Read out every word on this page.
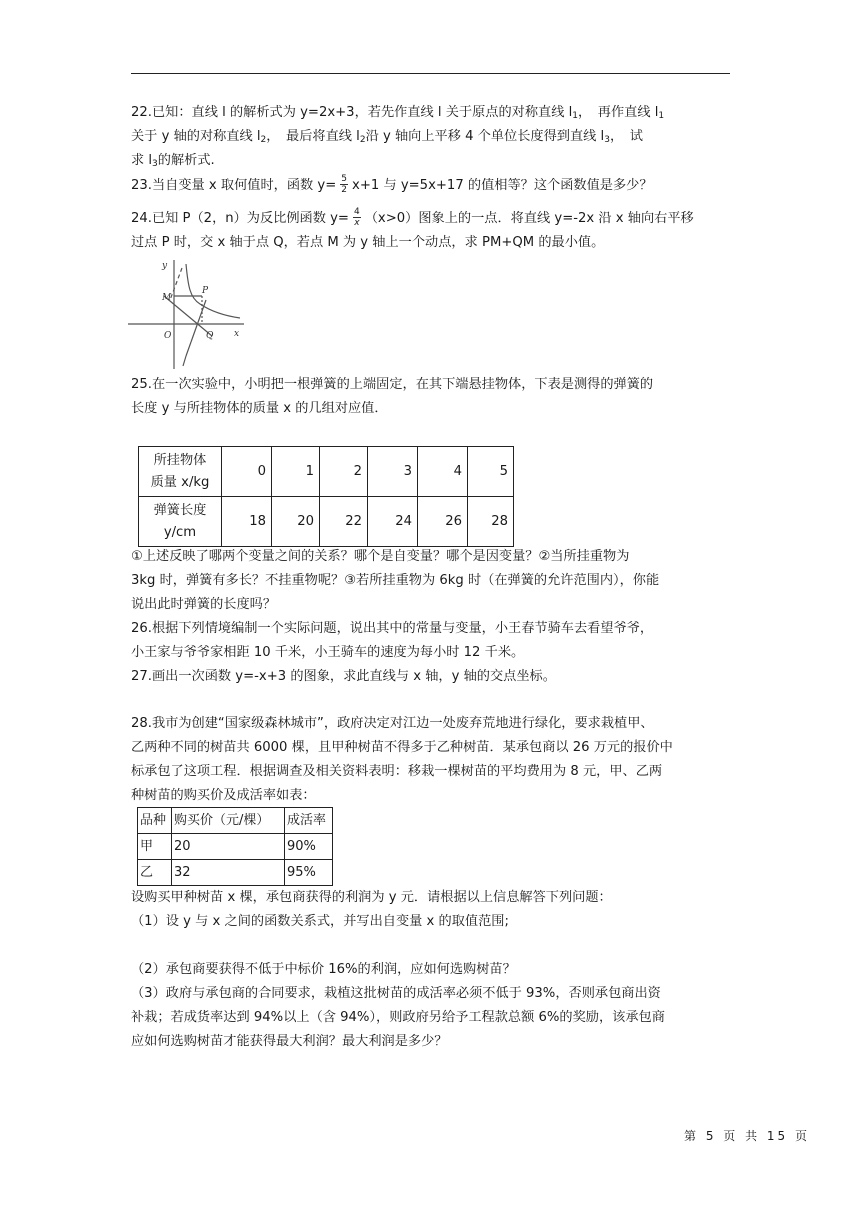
22.已知：直线 l 的解析式为 y=2x+3，若先作直线 l 关于原点的对称直线 $l_1$，　再作直线 $l_1$
关于 y 轴的对称直线 $l_2$，　最后将直线 $l_2$沿 y 轴向上平移 4 个单位长度得到直线 $l_3$，　试
求 $l_3$的解析式.
23.当自变量 x 取何值时，函数 $y= \frac{5}{2} x+1$ 与 y=5x+17 的值相等？这个函数值是多少？
24.已知 P（2，n）为反比例函数 $y= \frac{4}{x} (x>0)$图象上的一点．将直线 y=-2x 沿 x 轴向右平移
过点 P 时，交 x 轴于点 Q，若点 M 为 y 轴上一个动点，求 PM+QM 的最小值。
y
x
M
P
O	Q
25.在一次实验中，小明把一根弹簧的上端固定，在其下端悬挂物体，下表是测得的弹簧的
长度 y 与所挂物体的质量 x 的几组对应值．
所挂物体
质量 x/kg	0	1	2	3	4	5

弹簧长度
y/cm	18	20	22	24	26	28
①上述反映了哪两个变量之间的关系？哪个是自变量？哪个是因变量？②当所挂重物为
3kg 时，弹簧有多长？不挂重物呢？③若所挂重物为 6kg 时（在弹簧的允许范围内），你能
说出此时弹簧的长度吗？
26.根据下列情境编制一个实际问题，说出其中的常量与变量，小王春节骑车去看望爷爷，
小王家与爷爷家相距 10 千米，小王骑车的速度为每小时 12 千米。
27.画出一次函数 y=-x+3 的图象，求此直线与 x 轴，y 轴的交点坐标。
28.我市为创建“国家级森林城市”，政府决定对江边一处废弃荒地进行绿化，要求栽植甲、
乙两种不同的树苗共 6000 棵，且甲种树苗不得多于乙种树苗．某承包商以 26 万元的报价中
标承包了这项工程．根据调查及相关资料表明：移栽一棵树苗的平均费用为 8 元，甲、乙两
种树苗的购买价及成活率如表：
品种	购买价（元/棵）	成活率
甲	20	90%
乙	32	95%
设购买甲种树苗 x 棵，承包商获得的利润为 y 元．请根据以上信息解答下列问题：
（1）设 y 与 x 之间的函数关系式，并写出自变量 x 的取值范围;
（2）承包商要获得不低于中标价 16%的利润，应如何选购树苗？
（3）政府与承包商的合同要求，栽植这批树苗的成活率必须不低于 93%，否则承包商出资
补栽；若成货率达到 94%以上（含 94%），则政府另给予工程款总额 6%的奖励，该承包商
应如何选购树苗才能获得最大利润？最大利润是多少？
第 5 页 共 15 页
